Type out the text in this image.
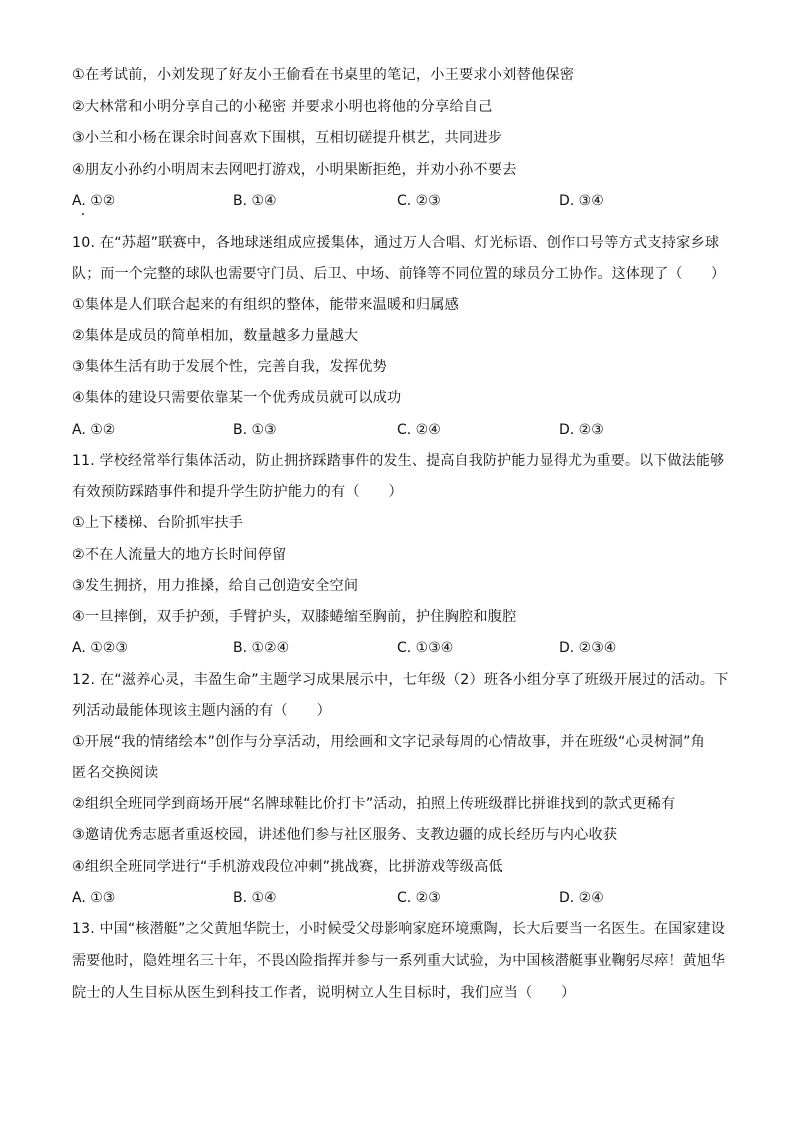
①在考试前，小刘发现了好友小王偷看在书桌里的笔记，小王要求小刘替他保密
②大林常和小明分享自己的小秘密 并要求小明也将他的分享给自己
③小兰和小杨在课余时间喜欢下围棋，互相切磋提升棋艺，共同进步
④朋友小孙约小明周末去网吧打游戏，小明果断拒绝，并劝小孙不要去
A. ①②	B. ①④	C. ②③	D. ③④
10. 在“苏超”联赛中，各地球迷组成应援集体，通过万人合唱、灯光标语、创作口号等方式支持家乡球
队；而一个完整的球队也需要守门员、后卫、中场、前锋等不同位置的球员分工协作。这体现了（　　）
①集体是人们联合起来的有组织的整体，能带来温暖和归属感
②集体是成员的简单相加，数量越多力量越大
③集体生活有助于发展个性，完善自我，发挥优势
④集体的建设只需要依靠某一个优秀成员就可以成功
A. ①②	B. ①③	C. ②④	D. ②③
11. 学校经常举行集体活动，防止拥挤踩踏事件的发生、提高自我防护能力显得尤为重要。以下做法能够
有效预防踩踏事件和提升学生防护能力的有（　　）
①上下楼梯、台阶抓牢扶手
②不在人流量大的地方长时间停留
③发生拥挤，用力推搡，给自己创造安全空间
④一旦摔倒，双手护颈，手臂护头，双膝蜷缩至胸前，护住胸腔和腹腔
A. ①②③	B. ①②④	C. ①③④	D. ②③④
12. 在“滋养心灵，丰盈生命”主题学习成果展示中，七年级（2）班各小组分享了班级开展过的活动。下
列活动最能体现该主题内涵的有（　　）
①开展“我的情绪绘本”创作与分享活动，用绘画和文字记录每周的心情故事，并在班级“心灵树洞”角
匿名交换阅读
②组织全班同学到商场开展“名牌球鞋比价打卡”活动，拍照上传班级群比拼谁找到的款式更稀有
③邀请优秀志愿者重返校园，讲述他们参与社区服务、支教边疆的成长经历与内心收获
④组织全班同学进行“手机游戏段位冲刺”挑战赛，比拼游戏等级高低
A. ①③	B. ①④	C. ②③	D. ②④
13. 中国“核潜艇”之父黄旭华院士，小时候受父母影响家庭环境熏陶，长大后要当一名医生。在国家建设
需要他时，隐姓埋名三十年，不畏凶险指挥并参与一系列重大试验，为中国核潜艇事业鞠躬尽瘁！黄旭华
院士的人生目标从医生到科技工作者，说明树立人生目标时，我们应当（　　）
